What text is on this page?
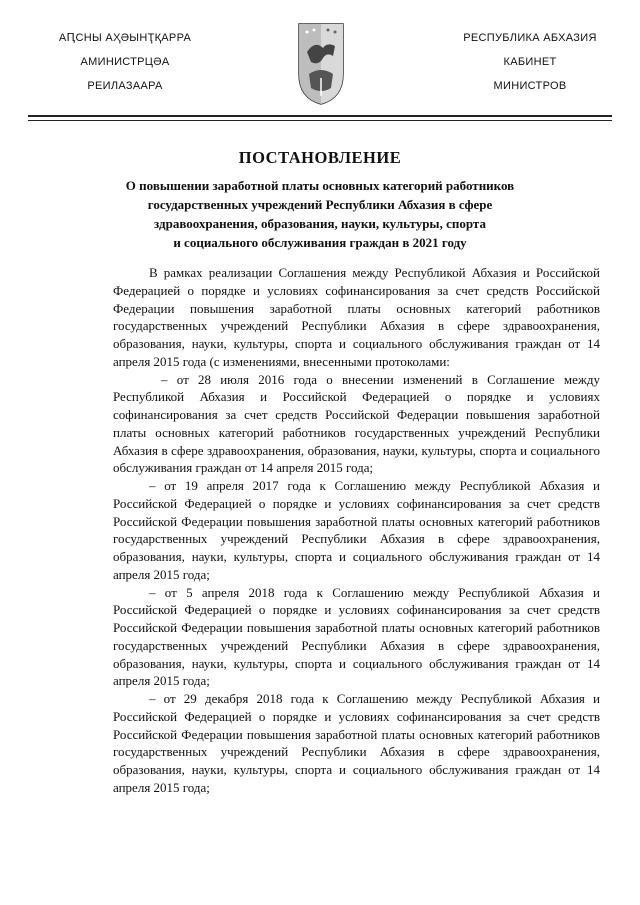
АԤСНЫ АҲӘЫНҬҚАРРА
АМИНИСТРЦӘА
РЕИЛАЗААРА
РЕСПУБЛИКА АБХАЗИЯ
КАБИНЕТ
МИНИСТРОВ
ПОСТАНОВЛЕНИЕ
О повышении заработной платы основных категорий работников
государственных учреждений Республики Абхазия в сфере
здравоохранения, образования, науки, культуры, спорта
и социального обслуживания граждан в 2021 году

В рамках реализации Соглашения между Республикой Абхазия и Российской Федерацией о порядке и условиях софинансирования за счет средств Российской Федерации повышения заработной платы основных категорий работников государственных учреждений Республики Абхазия в сфере здравоохранения, образования, науки, культуры, спорта и социального обслуживания граждан от 14 апреля 2015 года (с изменениями, внесенными протоколами:

– от 28 июля 2016 года о внесении изменений в Соглашение между Республикой Абхазия и Российской Федерацией о порядке и условиях софинансирования за счет средств Российской Федерации повышения заработной платы основных категорий работников государственных учреждений Республики Абхазия в сфере здравоохранения, образования, науки, культуры, спорта и социального обслуживания граждан от 14 апреля 2015 года;

– от 19 апреля 2017 года к Соглашению между Республикой Абхазия и Российской Федерацией о порядке и условиях софинансирования за счет средств Российской Федерации повышения заработной платы основных категорий работников государственных учреждений Республики Абхазия в сфере здравоохранения, образования, науки, культуры, спорта и социального обслуживания граждан от 14 апреля 2015 года;

– от 5 апреля 2018 года к Соглашению между Республикой Абхазия и Российской Федерацией о порядке и условиях софинансирования за счет средств Российской Федерации повышения заработной платы основных категорий работников государственных учреждений Республики Абхазия в сфере здравоохранения, образования, науки, культуры, спорта и социального обслуживания граждан от 14 апреля 2015 года;

– от 29 декабря 2018 года к Соглашению между Республикой Абхазия и Российской Федерацией о порядке и условиях софинансирования за счет средств Российской Федерации повышения заработной платы основных категорий работников государственных учреждений Республики Абхазия в сфере здравоохранения, образования, науки, культуры, спорта и социального обслуживания граждан от 14 апреля 2015 года;
